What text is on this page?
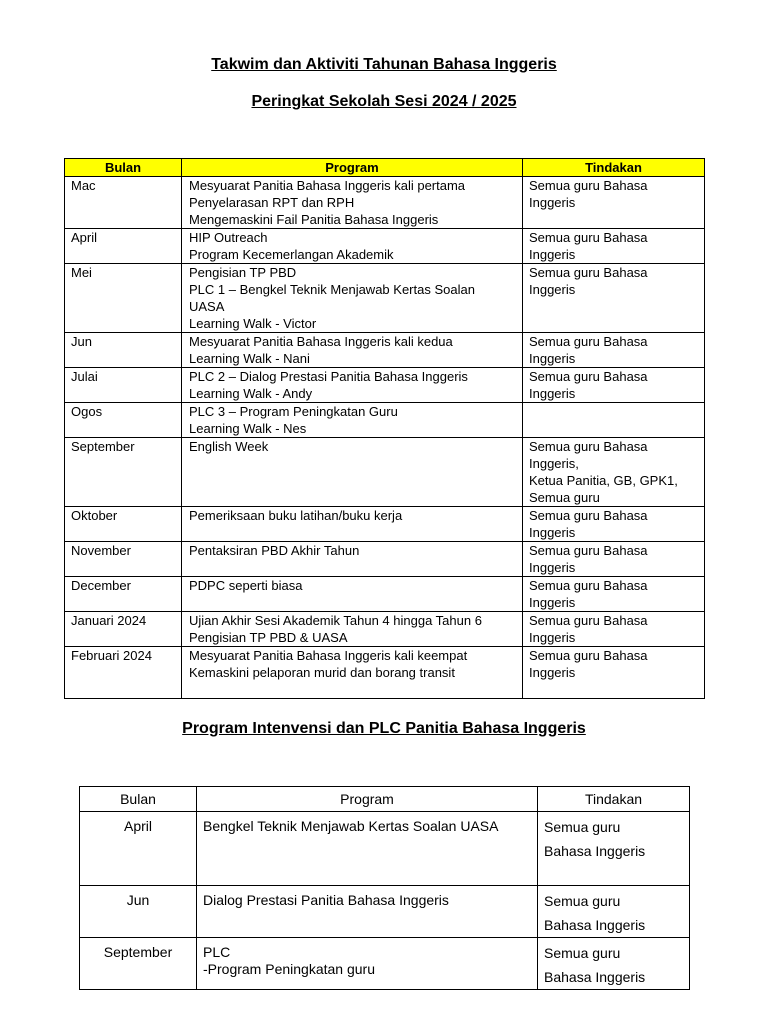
Takwim dan Aktiviti Tahunan Bahasa Inggeris
Peringkat Sekolah Sesi 2024 / 2025
Bulan	Program	Tindakan
Mac	Mesyuarat Panitia Bahasa Inggeris kali pertama
Penyelarasan RPT dan RPH
Mengemaskini Fail Panitia Bahasa Inggeris	Semua guru Bahasa
Inggeris

April	HIP Outreach
Program Kecemerlangan Akademik	Semua guru Bahasa
Inggeris

Mei	Pengisian TP PBD
PLC 1 – Bengkel Teknik Menjawab Kertas Soalan
UASA
Learning Walk - Victor	Semua guru Bahasa
Inggeris

Jun	Mesyuarat Panitia Bahasa Inggeris kali kedua
Learning Walk - Nani	Semua guru Bahasa
Inggeris

Julai	PLC 2 – Dialog Prestasi Panitia Bahasa Inggeris
Learning Walk - Andy	Semua guru Bahasa
Inggeris

Ogos	PLC 3 – Program Peningkatan Guru
Learning Walk - Nes	

September	English Week	Semua guru Bahasa
Inggeris,
Ketua Panitia, GB, GPK1,
Semua guru

Oktober	Pemeriksaan buku latihan/buku kerja	Semua guru Bahasa
Inggeris

November	Pentaksiran PBD Akhir Tahun	Semua guru Bahasa
Inggeris

December	PDPC seperti biasa	Semua guru Bahasa
Inggeris

Januari 2024	Ujian Akhir Sesi Akademik Tahun 4 hingga Tahun 6
Pengisian TP PBD & UASA	Semua guru Bahasa
Inggeris

Februari 2024	Mesyuarat Panitia Bahasa Inggeris kali keempat
Kemaskini pelaporan murid dan borang transit	Semua guru Bahasa
Inggeris
Program Intenvensi dan PLC Panitia Bahasa Inggeris
Bulan	Program	Tindakan
April	Bengkel Teknik Menjawab Kertas Soalan UASA	Semua guru
Bahasa Inggeris

Jun	Dialog Prestasi Panitia Bahasa Inggeris	Semua guru
Bahasa Inggeris

September	PLC
-Program Peningkatan guru	Semua guru
Bahasa Inggeris
